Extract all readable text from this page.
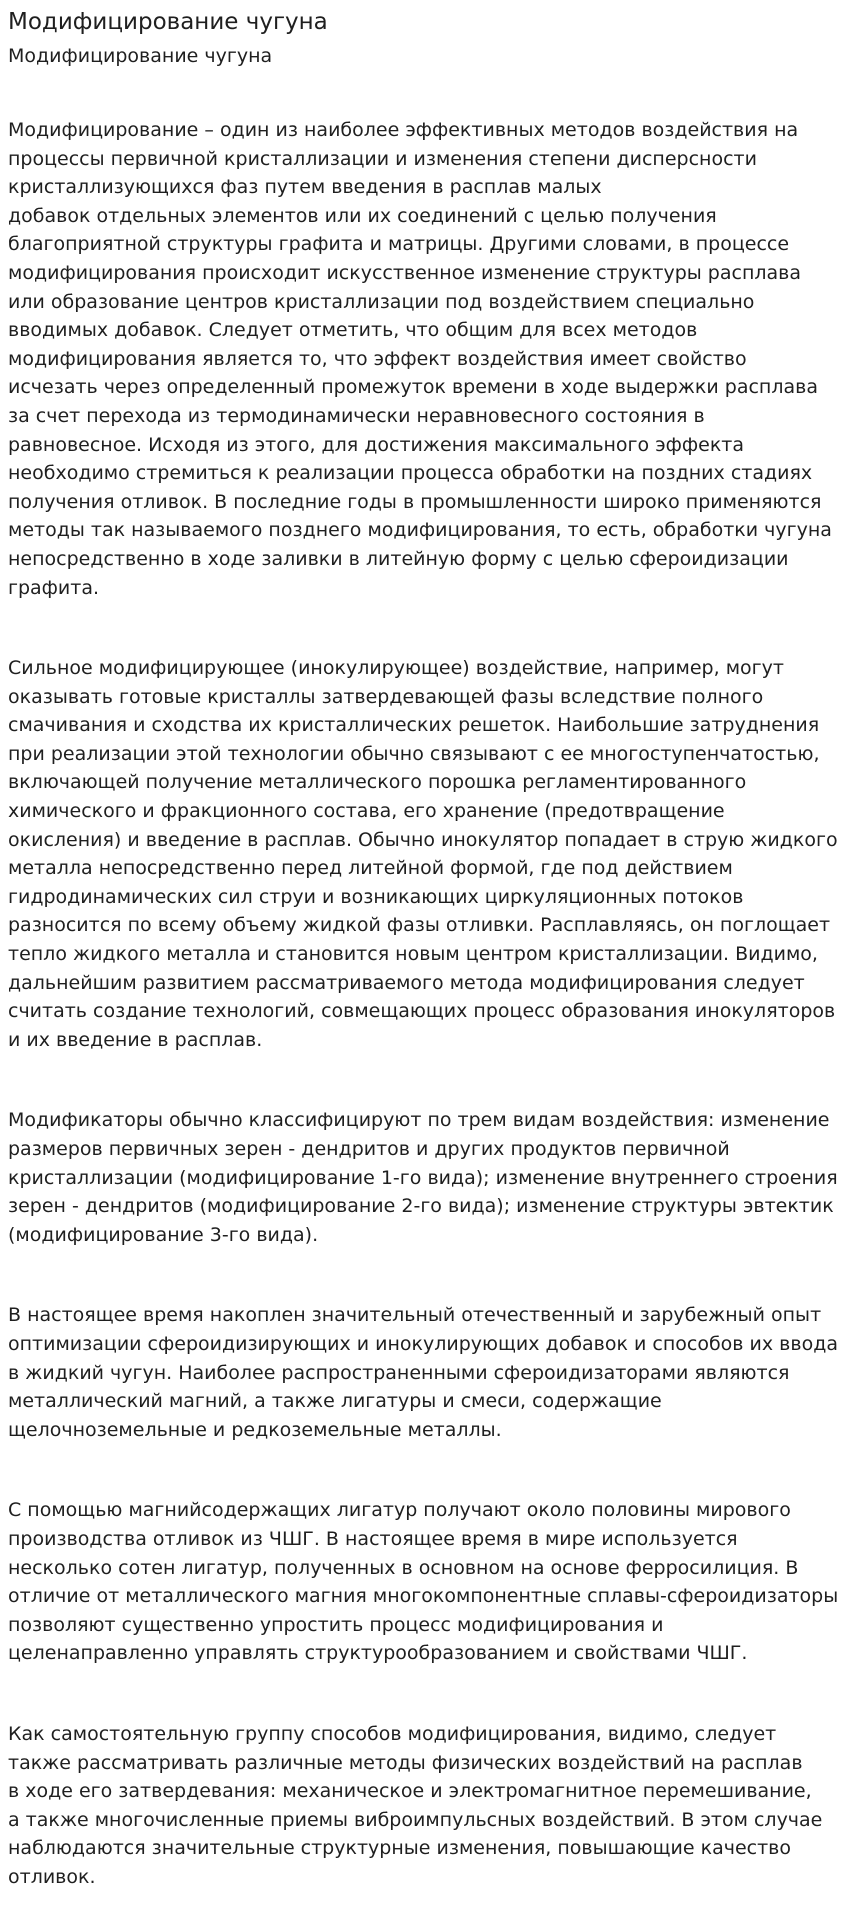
Модифицирование чугуна
Модифицирование чугуна

Модифицирование – один из наиболее эффективных методов воздействия на
процессы первичной кристаллизации и изменения степени дисперсности
кристаллизующихся фаз путем введения в расплав малых
добавок отдельных элементов или их соединений с целью получения
благоприятной структуры графита и матрицы. Другими словами, в процессе
модифицирования происходит искусственное изменение структуры расплава
или образование центров кристаллизации под воздействием специально
вводимых добавок. Следует отметить, что общим для всех методов
модифицирования является то, что эффект воздействия имеет свойство
исчезать через определенный промежуток времени в ходе выдержки расплава
за счет перехода из термодинамически неравновесного состояния в
равновесное. Исходя из этого, для достижения максимального эффекта
необходимо стремиться к реализации процесса обработки на поздних стадиях
получения отливок. В последние годы в промышленности широко применяются
методы так называемого позднего модифицирования, то есть, обработки чугуна
непосредственно в ходе заливки в литейную форму с целью сфероидизации
графита.

Сильное модифицирующее (инокулирующее) воздействие, например, могут
оказывать готовые кристаллы затвердевающей фазы вследствие полного
смачивания и сходства их кристаллических решеток. Наибольшие затруднения
при реализации этой технологии обычно связывают с ее многоступенчатостью,
включающей получение металлического порошка регламентированного
химического и фракционного состава, его хранение (предотвращение
окисления) и введение в расплав. Обычно инокулятор попадает в струю жидкого
металла непосредственно перед литейной формой, где под действием
гидродинамических сил струи и возникающих циркуляционных потоков
разносится по всему объему жидкой фазы отливки. Расплавляясь, он поглощает
тепло жидкого металла и становится новым центром кристаллизации. Видимо,
дальнейшим развитием рассматриваемого метода модифицирования следует
считать создание технологий, совмещающих процесс образования инокуляторов
и их введение в расплав.

Модификаторы обычно классифицируют по трем видам воздействия: изменение
размеров первичных зерен - дендритов и других продуктов первичной
кристаллизации (модифицирование 1-го вида); изменение внутреннего строения
зерен - дендритов (модифицирование 2-го вида); изменение структуры эвтектик
(модифицирование 3-го вида).

В настоящее время накоплен значительный отечественный и зарубежный опыт
оптимизации сфероидизирующих и инокулирующих добавок и способов их ввода
в жидкий чугун. Наиболее распространенными сфероидизаторами являются
металлический магний, а также лигатуры и смеси, содержащие
щелочноземельные и редкоземельные металлы.

С помощью магнийсодержащих лигатур получают около половины мирового
производства отливок из ЧШГ. В настоящее время в мире используется
несколько сотен лигатур, полученных в основном на основе ферросилиция. В
отличие от металлического магния многокомпонентные сплавы-сфероидизаторы
позволяют существенно упростить процесс модифицирования и
целенаправленно управлять структурообразованием и свойствами ЧШГ.

Как самостоятельную группу способов модифицирования, видимо, следует
также рассматривать различные методы физических воздействий на расплав
в ходе его затвердевания: механическое и электромагнитное перемешивание,
а также многочисленные приемы виброимпульсных воздействий. В этом случае
наблюдаются значительные структурные изменения, повышающие качество
отливок.
